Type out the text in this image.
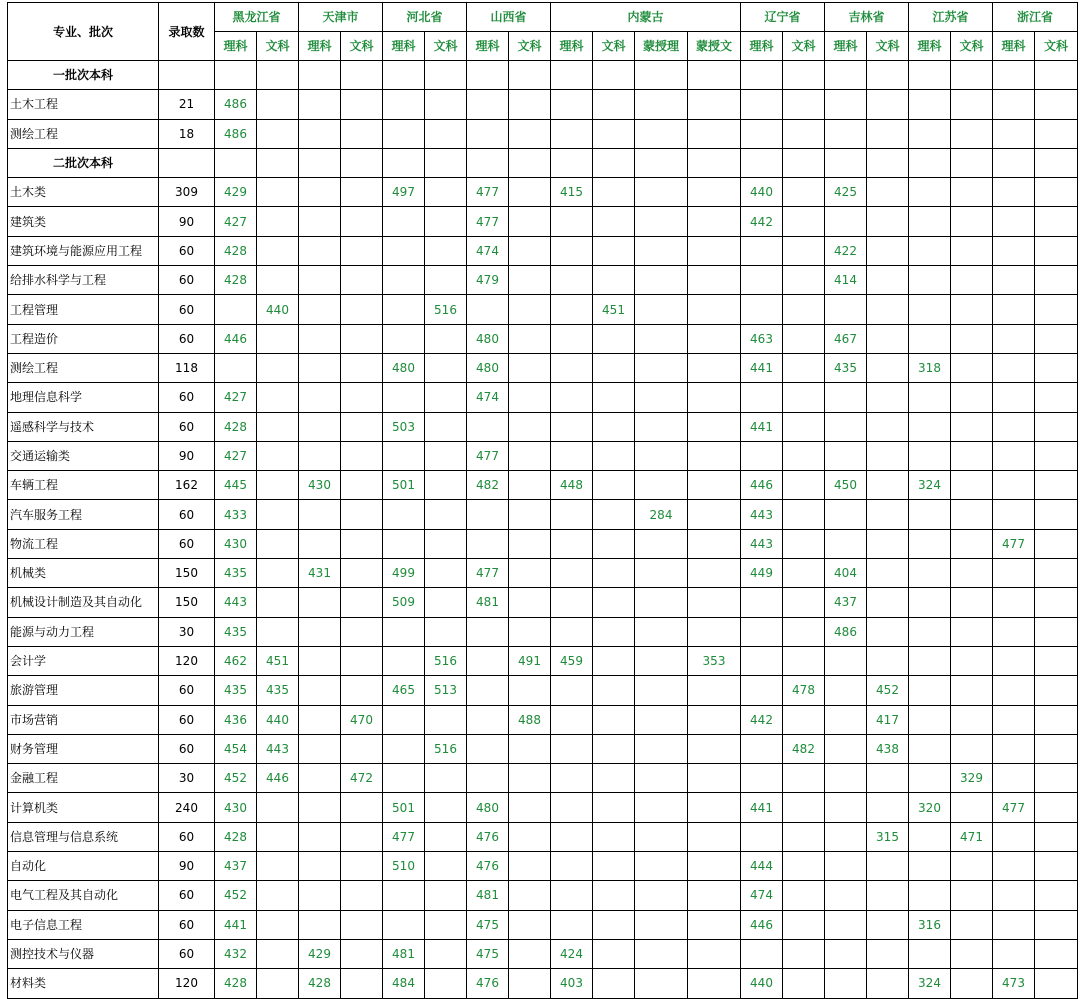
专业、批次	录取数	黑龙江省		天津市		河北省		山西省		内蒙古				辽宁省		吉林省		江苏省		浙江省	
		理科	文科	理科	文科	理科	文科	理科	文科	理科	文科	蒙授理	蒙授文	理科	文科	理科	文科	理科	文科	理科	文科
一批次本科																					
土木工程	21	486																			
测绘工程	18	486																			
二批次本科																					
土木类	309	429				497		477		415				440		425					
建筑类	90	427						477						442							
建筑环境与能源应用工程	60	428						474								422					
给排水科学与工程	60	428						479								414					
工程管理	60		440				516				451										
工程造价	60	446						480						463		467					
测绘工程	118					480		480						441		435		318			
地理信息科学	60	427						474													
遥感科学与技术	60	428				503								441							
交通运输类	90	427						477													
车辆工程	162	445		430		501		482		448				446		450		324			
汽车服务工程	60	433										284		443							
物流工程	60	430												443						477	
机械类	150	435		431		499		477						449		404					
机械设计制造及其自动化	150	443				509		481								437					
能源与动力工程	30	435														486					
会计学	120	462	451				516		491	459			353								
旅游管理	60	435	435			465	513								478		452				
市场营销	60	436	440		470				488					442			417				
财务管理	60	454	443				516								482		438				
金融工程	30	452	446		472														329		
计算机类	240	430				501		480						441				320		477	
信息管理与信息系统	60	428				477		476									315		471		
自动化	90	437				510		476						444							
电气工程及其自动化	60	452						481						474							
电子信息工程	60	441						475						446				316			
测控技术与仪器	60	432		429		481		475		424											
材料类	120	428		428		484		476		403				440				324		473	
